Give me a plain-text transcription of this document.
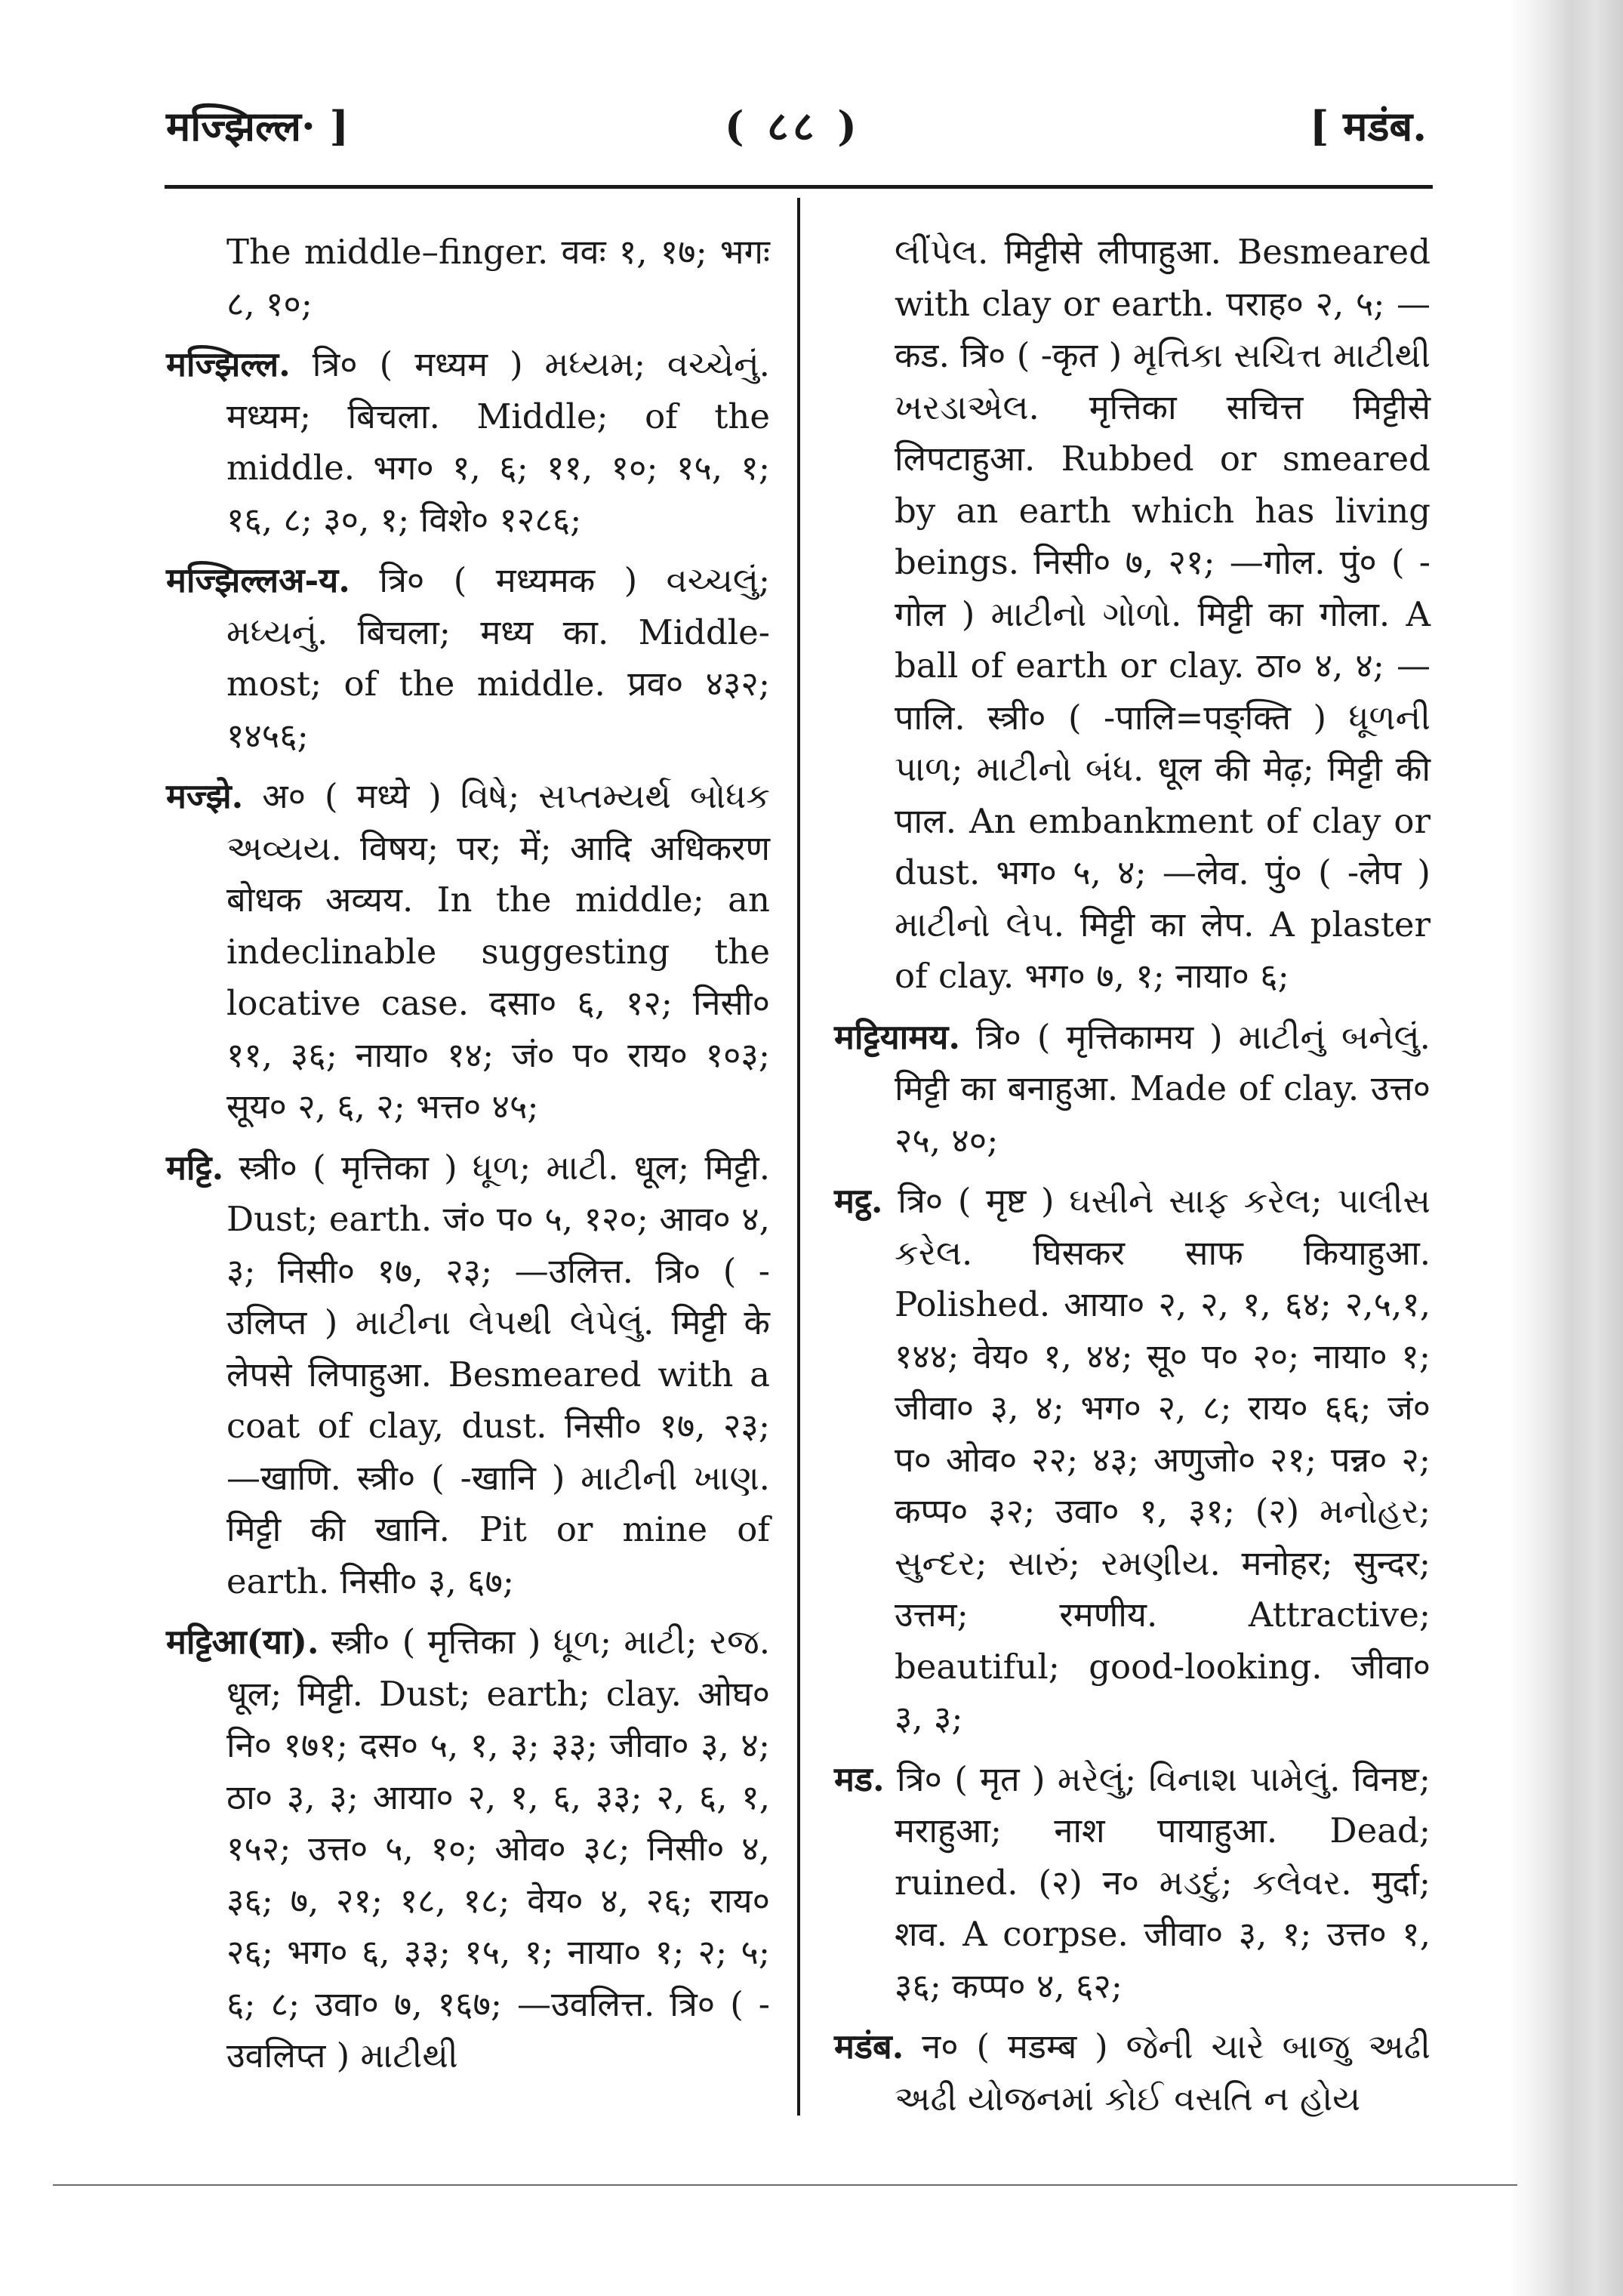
मज्झिल्ल· ]	( ८८ )	[ मडंब.

The middle–finger. ववः १, १७; भगः ८, १०;

मज्झिल्ल. त्रि० ( मध्यम ) મધ્યમ; વચ્ચેનું. मध्यम; बिचला. Middle; of the middle. भग० १, ६; ११, १०; १५, १; १६, ८; ३०, १; विशे० १२८६;

मज्झिल्लअ-य. त्रि० ( मध्यमक ) વચ્ચલું; મધ્યનું. बिचला; मध्य का. Middle-most; of the middle. प्रव० ४३२; १४५६;

मज्झे. अ० ( मध्ये ) વિષે; સપ્તમ્યર્થ બોધક અવ્યય. विषय; पर; में; आदि अधिकरण बोधक अव्यय. In the middle; an indeclinable suggesting the locative case. दसा० ६, १२; निसी० ११, ३६; नाया० १४; जं० प० राय० १०३; सूय० २, ६, २; भत्त० ४५;

मट्टि. स्त्री० ( मृत्तिका ) ધૂળ; માટી. धूल; मिट्टी. Dust; earth. जं० प० ५, १२०; आव० ४, ३; निसी० १७, २३; —उलित्त. त्रि० ( -उलिप्त ) માટીના લેપથી લેપેલું. मिट्टी के लेपसे लिपाहुआ. Besmeared with a coat of clay, dust. निसी० १७, २३; —खाणि. स्त्री० ( -खानि ) માટીની ખાણ. मिट्टी की खानि. Pit or mine of earth. निसी० ३, ६७;

मट्टिआ(या). स्त्री० ( मृत्तिका ) ધૂળ; માટી; રજ. धूल; मिट्टी. Dust; earth; clay. ओघ० नि० १७१; दस० ५, १, ३; ३३; जीवा० ३, ४; ठा० ३, ३; आया० २, १, ६, ३३; २, ६, १, १५२; उत्त० ५, १०; ओव० ३८; निसी० ४, ३६; ७, २१; १८, १८; वेय० ४, २६; राय० २६; भग० ६, ३३; १५, १; नाया० १; २; ५; ६; ८; उवा० ७, १६७; —उवलित्त. त्रि० ( -उवलिप्त ) માટીથી

લીંપેલ. मिट्टीसे लीपाहुआ. Besmeared with clay or earth. पराह० २, ५; —कड. त्रि० ( -कृत ) મૃત્તિકા સચિત્ત માટીથી ખરડાએલ. मृत्तिका सचित्त मिट्टीसे लिपटाहुआ. Rubbed or smeared by an earth which has living beings. निसी० ७, २१; —गोल. पुं० ( -गोल ) માટીનો ગોળો. मिट्टी का गोला. A ball of earth or clay. ठा० ४, ४; —पालि. स्त्री० ( -पालि=पङ्क्ति ) ધૂળની પાળ; માટીનો બંધ. धूल की मेढ़; मिट्टी की पाल. An embankment of clay or dust. भग० ५, ४; —लेव. पुं० ( -लेप ) માટીનો લેપ. मिट्टी का लेप. A plaster of clay. भग० ७, १; नाया० ६;

मट्टियामय. त्रि० ( मृत्तिकामय ) માટીનું બનેલું. मिट्टी का बनाहुआ. Made of clay. उत्त० २५, ४०;

मट्ठ. त्रि० ( मृष्ट ) ઘસીને સાફ કરેલ; પાલીસ કરેલ. घिसकर साफ कियाहुआ. Polished. आया० २, २, १, ६४; २,५,१, १४४; वेय० १, ४४; सू० प० २०; नाया० १; जीवा० ३, ४; भग० २, ८; राय० ६६; जं० प० ओव० २२; ४३; अणुजो० २१; पन्न० २; कप्प० ३२; उवा० १, ३१; (२) મનોહર; સુન્દર; સારું; રમણીય. मनोहर; सुन्दर; उत्तम; रमणीय. Attractive; beautiful; good-looking. जीवा० ३, ३;

मड. त्रि० ( मृत ) મરેલું; વિનાશ પામેલું. विनष्ट; मराहुआ; नाश पायाहुआ. Dead; ruined. (२) न० મડદું; કલેવર. मुर्दा; शव. A corpse. जीवा० ३, १; उत्त० १, ३६; कप्प० ४, ६२;

मडंब. न० ( मडम्ब ) જેની ચારે બાજુ અઢી અઢી યોજનમાં કોઈ વસતિ ન હોય
